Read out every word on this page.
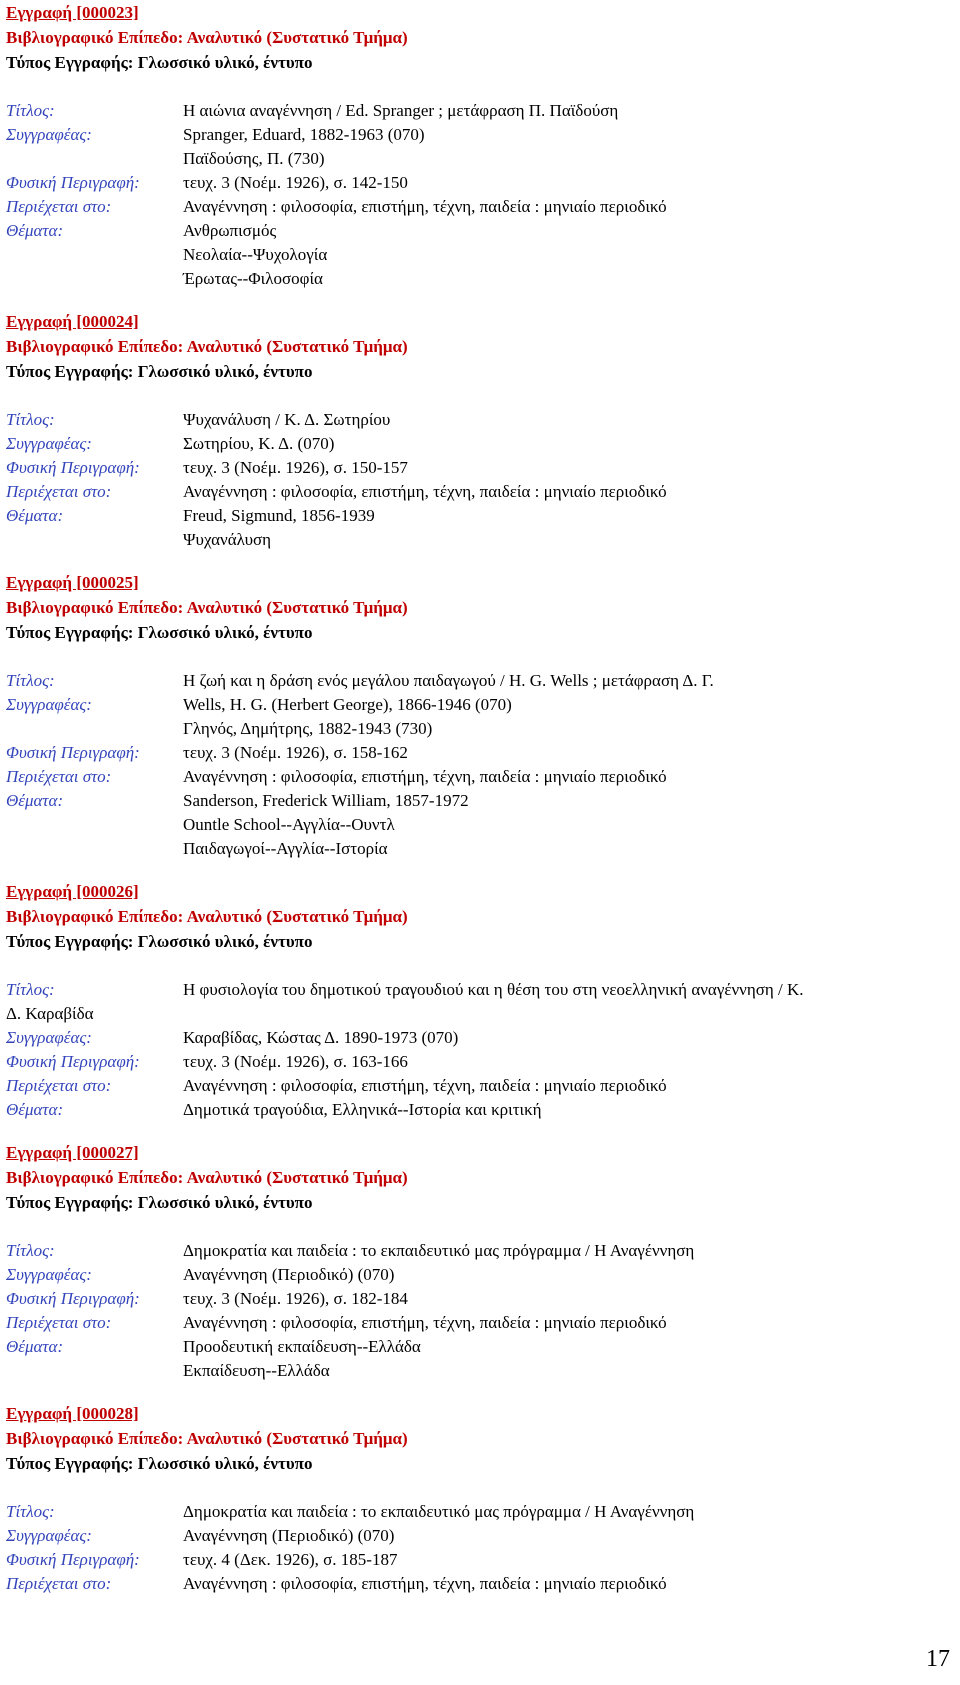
Εγγραφή [000023]
Βιβλιογραφικό Επίπεδο: Αναλυτικό (Συστατικό Τμήμα)
Τύπος Εγγραφής: Γλωσσικό υλικό, έντυπο
Τίτλος:	Η αιώνια αναγέννηση / Ed. Spranger ; μετάφραση Π. Παϊδούση
Συγγραφέας:	Spranger, Eduard, 1882-1963 (070)
Παϊδούσης, Π. (730)
Φυσική Περιγραφή:	τευχ. 3 (Νοέμ. 1926), σ. 142-150
Περιέχεται στο:	Αναγέννηση : φιλοσοφία, επιστήμη, τέχνη, παιδεία : μηνιαίο περιοδικό
Θέματα:	Ανθρωπισμός
Νεολαία--Ψυχολογία
Έρωτας--Φιλοσοφία
Εγγραφή [000024]
Βιβλιογραφικό Επίπεδο: Αναλυτικό (Συστατικό Τμήμα)
Τύπος Εγγραφής: Γλωσσικό υλικό, έντυπο
Τίτλος:	Ψυχανάλυση / Κ. Δ. Σωτηρίου
Συγγραφέας:	Σωτηρίου, Κ. Δ. (070)
Φυσική Περιγραφή:	τευχ. 3 (Νοέμ. 1926), σ. 150-157
Περιέχεται στο:	Αναγέννηση : φιλοσοφία, επιστήμη, τέχνη, παιδεία : μηνιαίο περιοδικό
Θέματα:	Freud, Sigmund, 1856-1939
Ψυχανάλυση
Εγγραφή [000025]
Βιβλιογραφικό Επίπεδο: Αναλυτικό (Συστατικό Τμήμα)
Τύπος Εγγραφής: Γλωσσικό υλικό, έντυπο
Τίτλος:	Η ζωή και η δράση ενός μεγάλου παιδαγωγού / H. G. Wells ; μετάφραση Δ. Γ.
Συγγραφέας:	Wells, H. G. (Herbert George), 1866-1946 (070)
Γληνός, Δημήτρης, 1882-1943 (730)
Φυσική Περιγραφή:	τευχ. 3 (Νοέμ. 1926), σ. 158-162
Περιέχεται στο:	Αναγέννηση : φιλοσοφία, επιστήμη, τέχνη, παιδεία : μηνιαίο περιοδικό
Θέματα:	Sanderson, Frederick William, 1857-1972
Ountle School--Αγγλία--Ουντλ
Παιδαγωγοί--Αγγλία--Ιστορία
Εγγραφή [000026]
Βιβλιογραφικό Επίπεδο: Αναλυτικό (Συστατικό Τμήμα)
Τύπος Εγγραφής: Γλωσσικό υλικό, έντυπο
Τίτλος:	Η φυσιολογία του δημοτικού τραγουδιού και η θέση του στη νεοελληνική αναγέννηση / Κ.
Δ. Καραβίδα
Συγγραφέας:	Καραβίδας, Κώστας Δ. 1890-1973 (070)
Φυσική Περιγραφή:	τευχ. 3 (Νοέμ. 1926), σ. 163-166
Περιέχεται στο:	Αναγέννηση : φιλοσοφία, επιστήμη, τέχνη, παιδεία : μηνιαίο περιοδικό
Θέματα:	Δημοτικά τραγούδια, Ελληνικά--Ιστορία και κριτική
Εγγραφή [000027]
Βιβλιογραφικό Επίπεδο: Αναλυτικό (Συστατικό Τμήμα)
Τύπος Εγγραφής: Γλωσσικό υλικό, έντυπο
Τίτλος:	Δημοκρατία και παιδεία : το εκπαιδευτικό μας πρόγραμμα / Η Αναγέννηση
Συγγραφέας:	Αναγέννηση (Περιοδικό) (070)
Φυσική Περιγραφή:	τευχ. 3 (Νοέμ. 1926), σ. 182-184
Περιέχεται στο:	Αναγέννηση : φιλοσοφία, επιστήμη, τέχνη, παιδεία : μηνιαίο περιοδικό
Θέματα:	Προοδευτική εκπαίδευση--Ελλάδα
Εκπαίδευση--Ελλάδα
Εγγραφή [000028]
Βιβλιογραφικό Επίπεδο: Αναλυτικό (Συστατικό Τμήμα)
Τύπος Εγγραφής: Γλωσσικό υλικό, έντυπο
Τίτλος:	Δημοκρατία και παιδεία : το εκπαιδευτικό μας πρόγραμμα / Η Αναγέννηση
Συγγραφέας:	Αναγέννηση (Περιοδικό) (070)
Φυσική Περιγραφή:	τευχ. 4 (Δεκ. 1926), σ. 185-187
Περιέχεται στο:	Αναγέννηση : φιλοσοφία, επιστήμη, τέχνη, παιδεία : μηνιαίο περιοδικό
17
